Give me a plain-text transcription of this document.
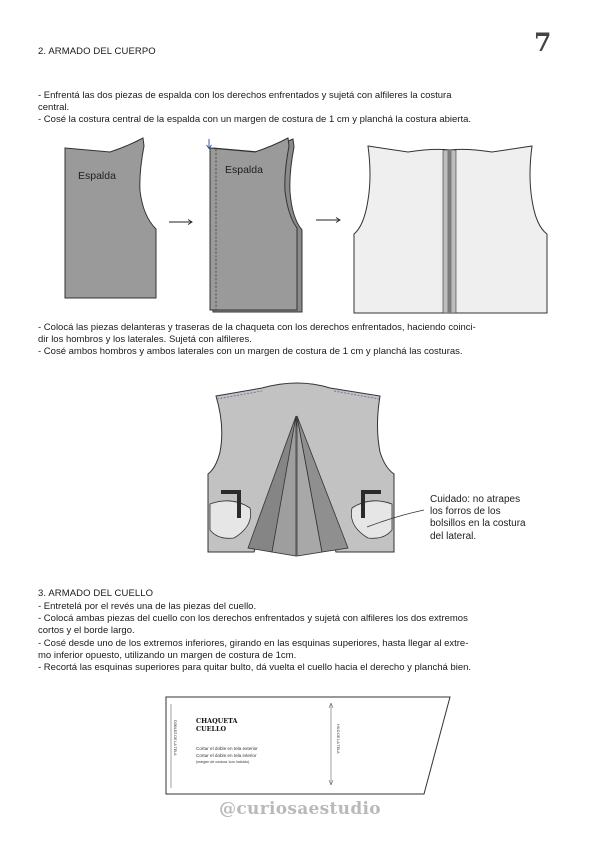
7
2. ARMADO DEL CUERPO

- Enfrentá las dos piezas de espalda con los derechos enfrentados y sujetá con alfileres la costura

central.

- Cosé la costura central de la espalda con un margen de costura de 1 cm y planchá la costura abierta.

Espalda	Espalda

- Colocá las piezas delanteras y traseras de la chaqueta con los derechos enfrentados, haciendo coinci-

dir los hombros y los laterales. Sujetá con alfileres.

- Cosé ambos hombros y ambos laterales con un margen de costura de 1 cm y planchá las costuras.

Cuidado: no atrapes

los forros de los

bolsillos en la costura

del lateral.

3. ARMADO DEL CUELLO

- Entretelá por el revés una de las piezas del cuello.

- Colocá ambas piezas del cuello con los derechos enfrentados y sujetá con alfileres los dos extremos

cortos y el borde largo.

- Cosé desde uno de los extremos inferiores, girando en las esquinas superiores, hasta llegar al extre-

mo inferior opuesto, utilizando un margen de costura de 1cm.

- Recortá las esquinas superiores para quitar bulto, dá vuelta el cuello hacia el derecho y planchá bien.

DOBLEZ DE LA TELA	CHAQUETA
CUELLO
Cortar el doble en tela exterior
Cortar el doble en tela interior
(margen de costura 1cm incluido)
HILO DE LA TELA
@curiosaestudio
